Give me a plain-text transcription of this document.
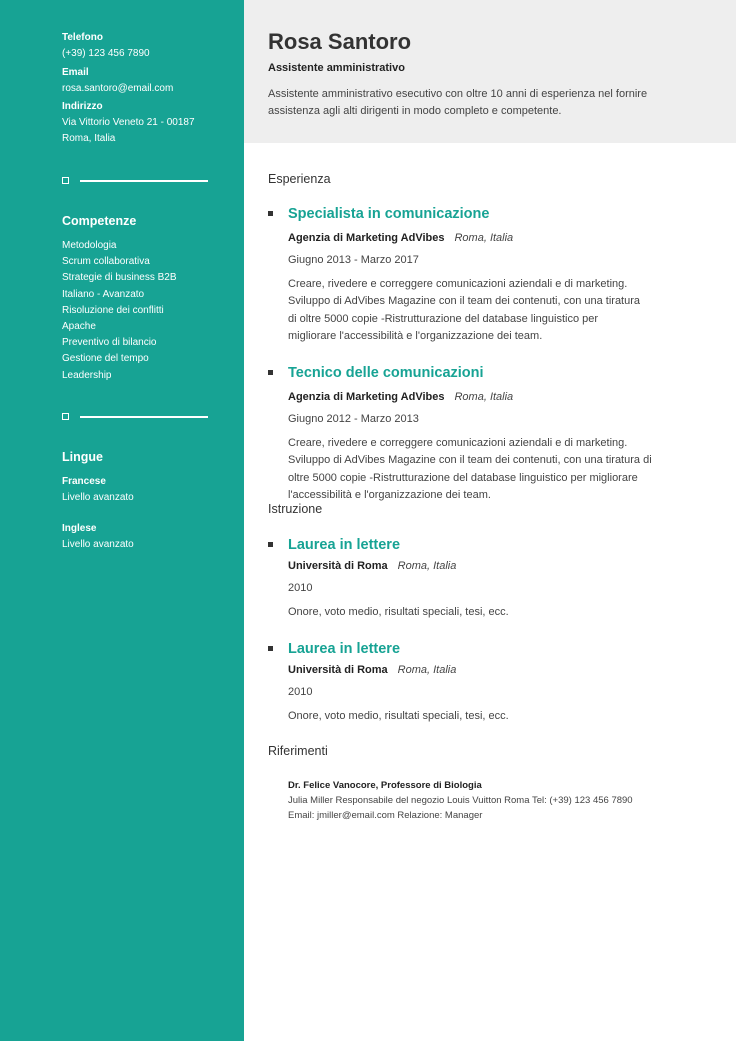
Telefono
(+39) 123 456 7890
Email
rosa.santoro@email.com
Indirizzo
Via Vittorio Veneto 21 - 00187
Roma, Italia
Competenze
Metodologia
Scrum collaborativa
Strategie di business B2B
Italiano - Avanzato
Risoluzione dei conflitti
Apache
Preventivo di bilancio
Gestione del tempo
Leadership
Lingue
Francese
Livello avanzato
Inglese
Livello avanzato
Rosa Santoro
Assistente amministrativo
Assistente amministrativo esecutivo con oltre 10 anni di esperienza nel fornire assistenza agli alti dirigenti in modo completo e competente.
Esperienza
Specialista in comunicazione
Agenzia di Marketing AdVibes Roma, Italia
Giugno 2013 - Marzo 2017
Creare, rivedere e correggere comunicazioni aziendali e di marketing.
Sviluppo di AdVibes Magazine con il team dei contenuti, con una tiratura
di oltre 5000 copie -Ristrutturazione del database linguistico per
migliorare l'accessibilità e l'organizzazione dei team.
Tecnico delle comunicazioni
Agenzia di Marketing AdVibes Roma, Italia
Giugno 2012 - Marzo 2013
Creare, rivedere e correggere comunicazioni aziendali e di marketing.
Sviluppo di AdVibes Magazine con il team dei contenuti, con una tiratura di
oltre 5000 copie -Ristrutturazione del database linguistico per migliorare
l'accessibilità e l'organizzazione dei team.
Istruzione
Laurea in lettere
Università di Roma Roma, Italia
2010
Onore, voto medio, risultati speciali, tesi, ecc.
Laurea in lettere
Università di Roma Roma, Italia
2010
Onore, voto medio, risultati speciali, tesi, ecc.
Riferimenti
Dr. Felice Vanocore, Professore di Biologia
Julia Miller Responsabile del negozio Louis Vuitton Roma Tel: (+39) 123 456 7890
Email: jmiller@email.com Relazione: Manager
